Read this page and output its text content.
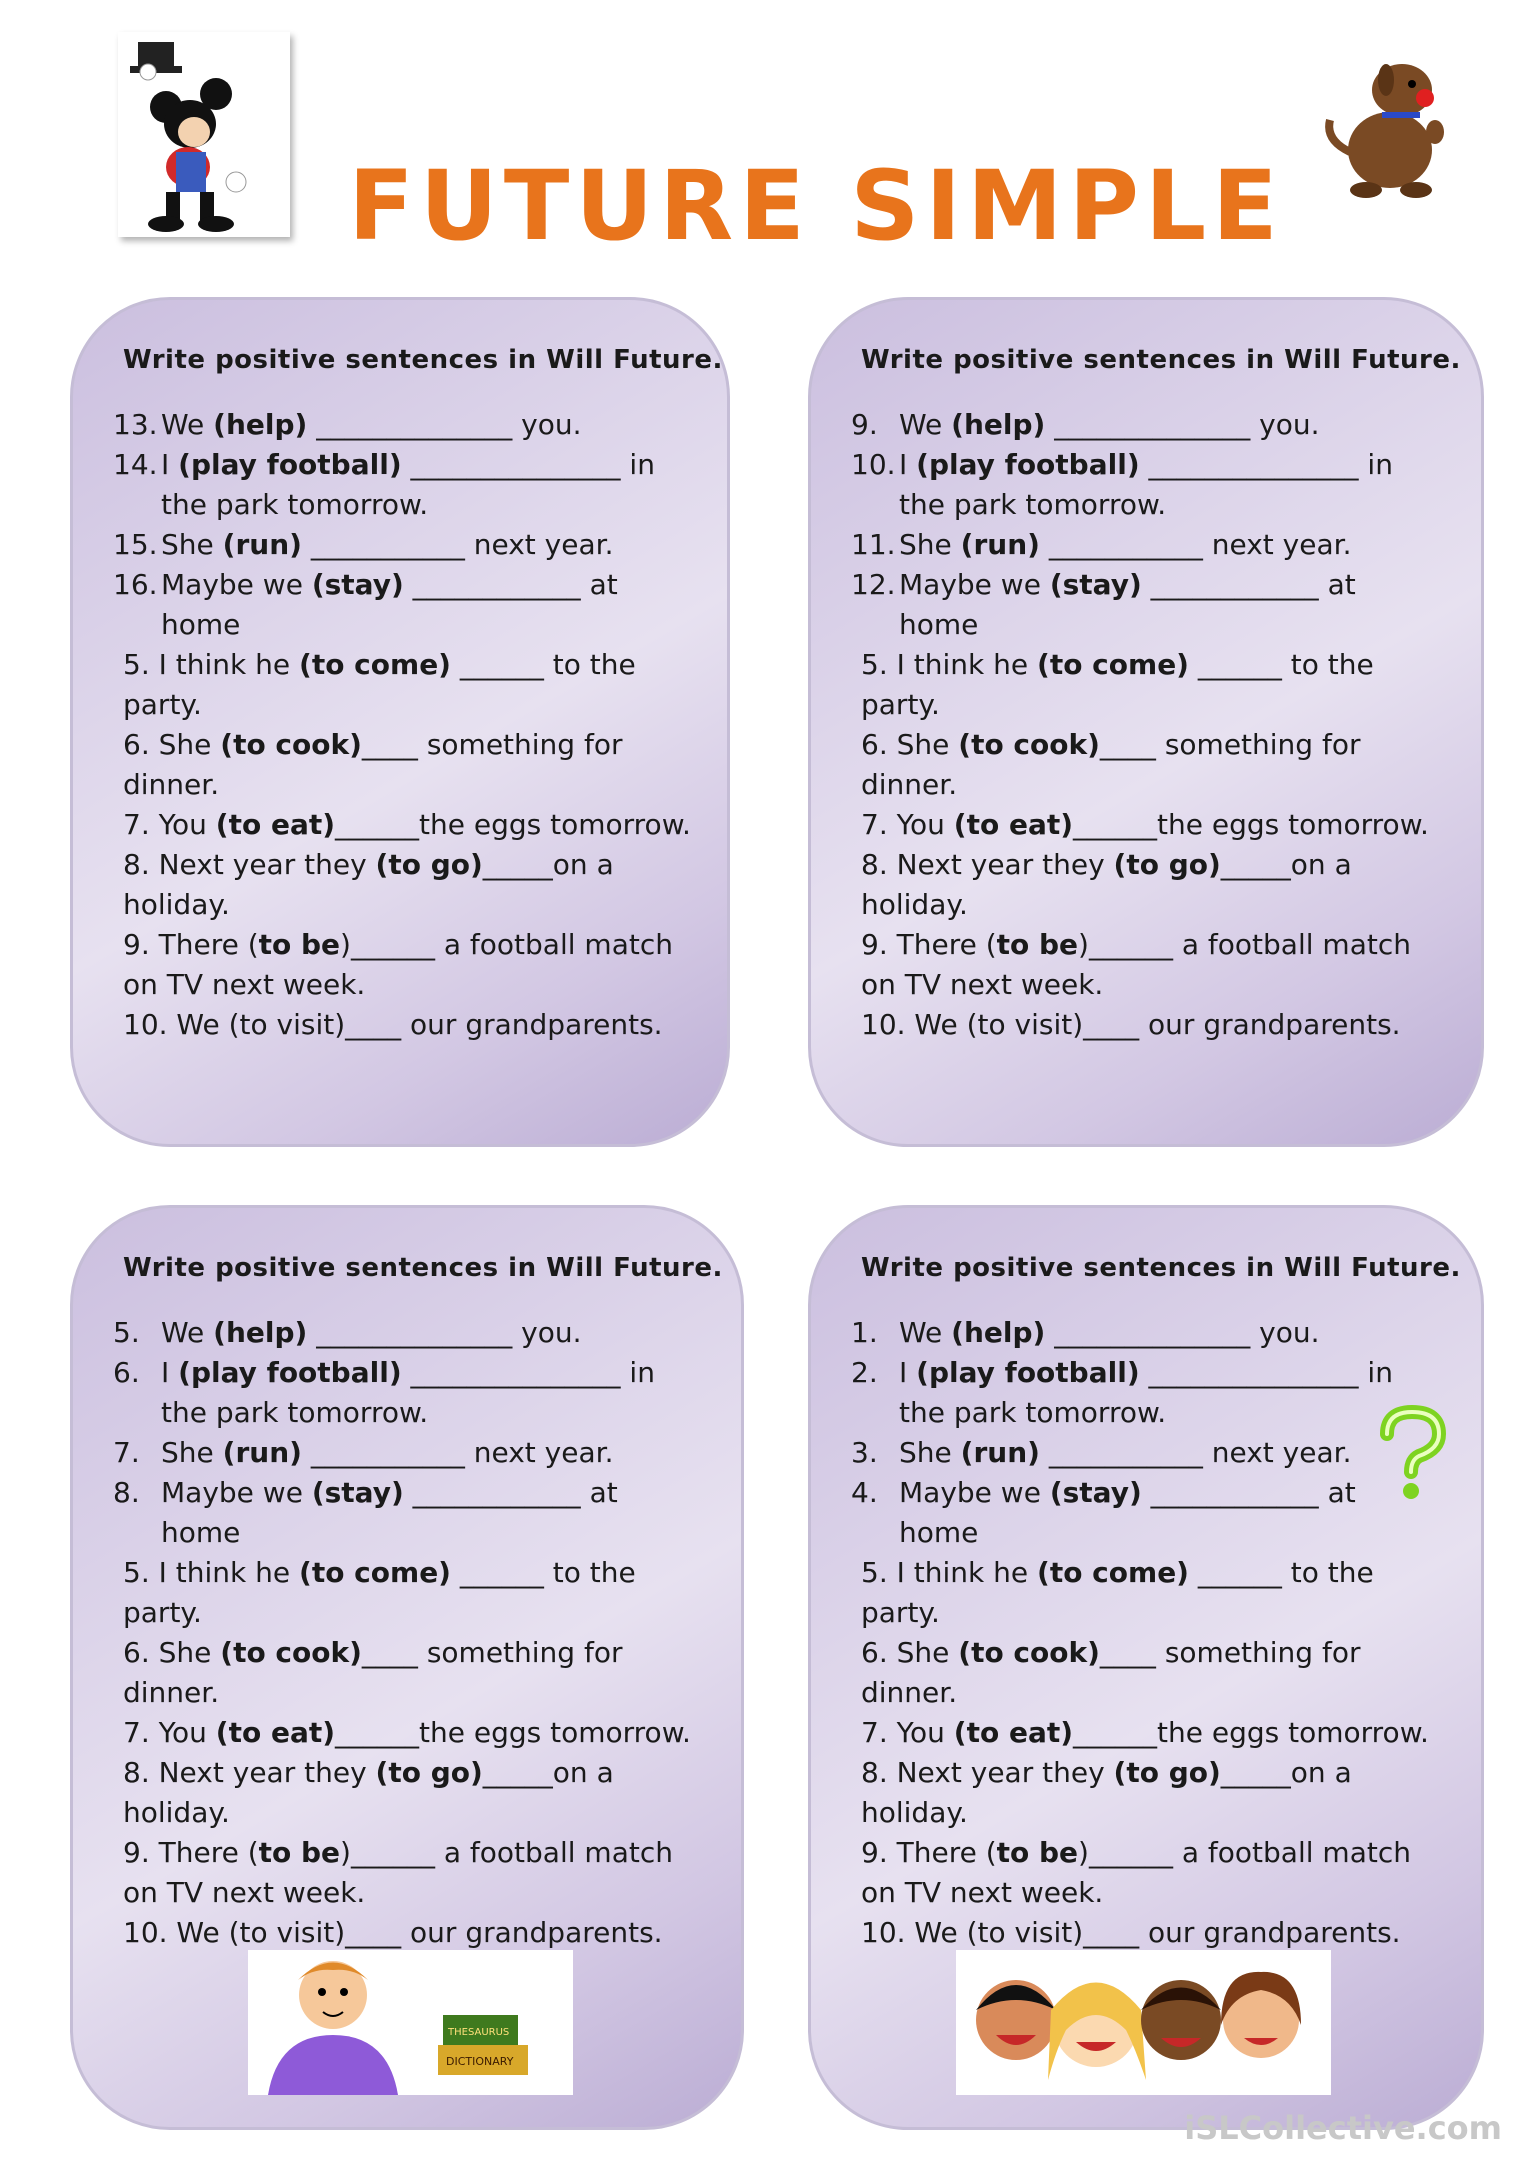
FUTURE SIMPLE
Write positive sentences in Will Future.
13. We (help) ______________ you.
14. I (play football) _______________ in
the park tomorrow.
15. She (run) ___________ next year.
16. Maybe we (stay) ____________ at
home
5. I think he (to come) ______ to the
party.
6. She (to cook)____ something for
dinner.
7. You (to eat)______the eggs tomorrow.
8. Next year they (to go)_____on a
holiday.
9. There (to be)______ a football match
on TV next week.
10. We (to visit)____ our grandparents.
Write positive sentences in Will Future.
9. We (help) ______________ you.
10. I (play football) _______________ in
the park tomorrow.
11. She (run) ___________ next year.
12. Maybe we (stay) ____________ at
home
5. I think he (to come) ______ to the
party.
6. She (to cook)____ something for
dinner.
7. You (to eat)______the eggs tomorrow.
8. Next year they (to go)_____on a
holiday.
9. There (to be)______ a football match
on TV next week.
10. We (to visit)____ our grandparents.
Write positive sentences in Will Future.
5. We (help) ______________ you.
6. I (play football) _______________ in
the park tomorrow.
7. She (run) ___________ next year.
8. Maybe we (stay) ____________ at
home
5. I think he (to come) ______ to the
party.
6. She (to cook)____ something for
dinner.
7. You (to eat)______the eggs tomorrow.
8. Next year they (to go)_____on a
holiday.
9. There (to be)______ a football match
on TV next week.
10. We (to visit)____ our grandparents.
THESAURUS
DICTIONARY
Write positive sentences in Will Future.
1. We (help) ______________ you.
2. I (play football) _______________ in
the park tomorrow.
3. She (run) ___________ next year.
4. Maybe we (stay) ____________ at
home
5. I think he (to come) ______ to the
party.
6. She (to cook)____ something for
dinner.
7. You (to eat)______the eggs tomorrow.
8. Next year they (to go)_____on a
holiday.
9. There (to be)______ a football match
on TV next week.
10. We (to visit)____ our grandparents.
iSLCollective.com
